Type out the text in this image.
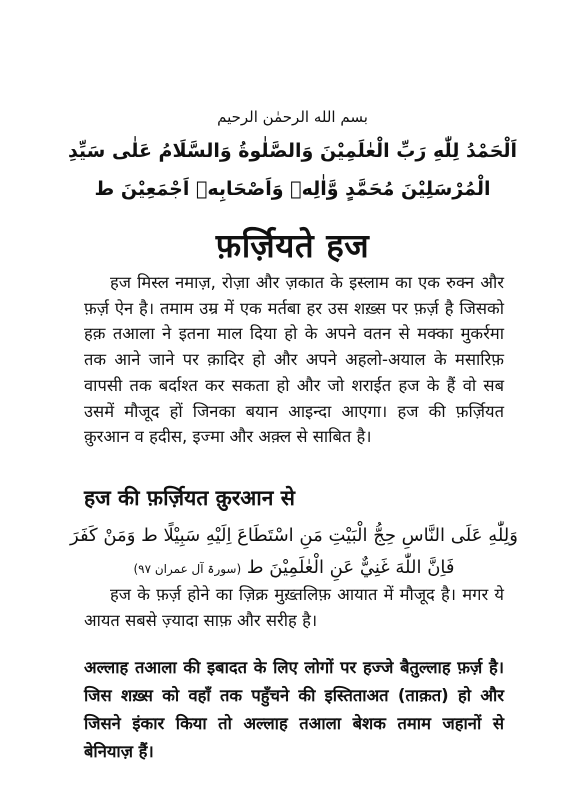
بسم الله الرحمٰن الرحيم
اَلْحَمْدُ لِلّٰهِ رَبِّ الْعٰلَمِيْنَ وَالصَّلٰوةُ وَالسَّلَامُ عَلٰى سَيِّدِ
الْمُرْسَلِيْنَ مُحَمَّدٍ وَّاٰلِهٖ وَاَصْحَابِهٖ اَجْمَعِيْنَ ط
फ़र्ज़ियते हज

हज मिस्ल नमाज़, रोज़ा और ज़कात के इस्लाम का एक रुक्न और फ़र्ज़ ऐन है। तमाम उम्र में एक मर्तबा हर उस शख़्स पर फ़र्ज़ है जिसको हक़ तआला ने इतना माल दिया हो के अपने वतन से मक्का मुकर्रमा तक आने जाने पर क़ादिर हो और अपने अहलो-अयाल के मसारिफ़ वापसी तक बर्दाश्त कर सकता हो और जो शराईत हज के हैं वो सब उसमें मौजूद हों जिनका बयान आइन्दा आएगा। हज की फ़र्ज़ियत क़ुरआन व हदीस, इज्मा और अक़्ल से साबित है।

हज की फ़र्ज़ियत क़ुरआन से
وَلِلّٰهِ عَلَى النَّاسِ حِجُّ الْبَيْتِ مَنِ اسْتَطَاعَ اِلَيْهِ سَبِيْلًا ط وَمَنْ كَفَرَ
فَاِنَّ اللّٰهَ غَنِيٌّ عَنِ الْعٰلَمِيْنَ ط (سورۃ آل عمران ۹۷)

हज के फ़र्ज़ होने का ज़िक्र मुख़्तलिफ़ आयात में मौजूद है। मगर ये आयत सबसे ज़्यादा साफ़ और सरीह है।

अल्लाह तआला की इबादत के लिए लोगों पर हज्जे बैतुल्लाह फ़र्ज़ है। जिस शख़्स को वहाँ तक पहुँचने की इस्तिताअत (ताक़त) हो और जिसने इंकार किया तो अल्लाह तआला बेशक तमाम जहानों से बेनियाज़ हैं।
